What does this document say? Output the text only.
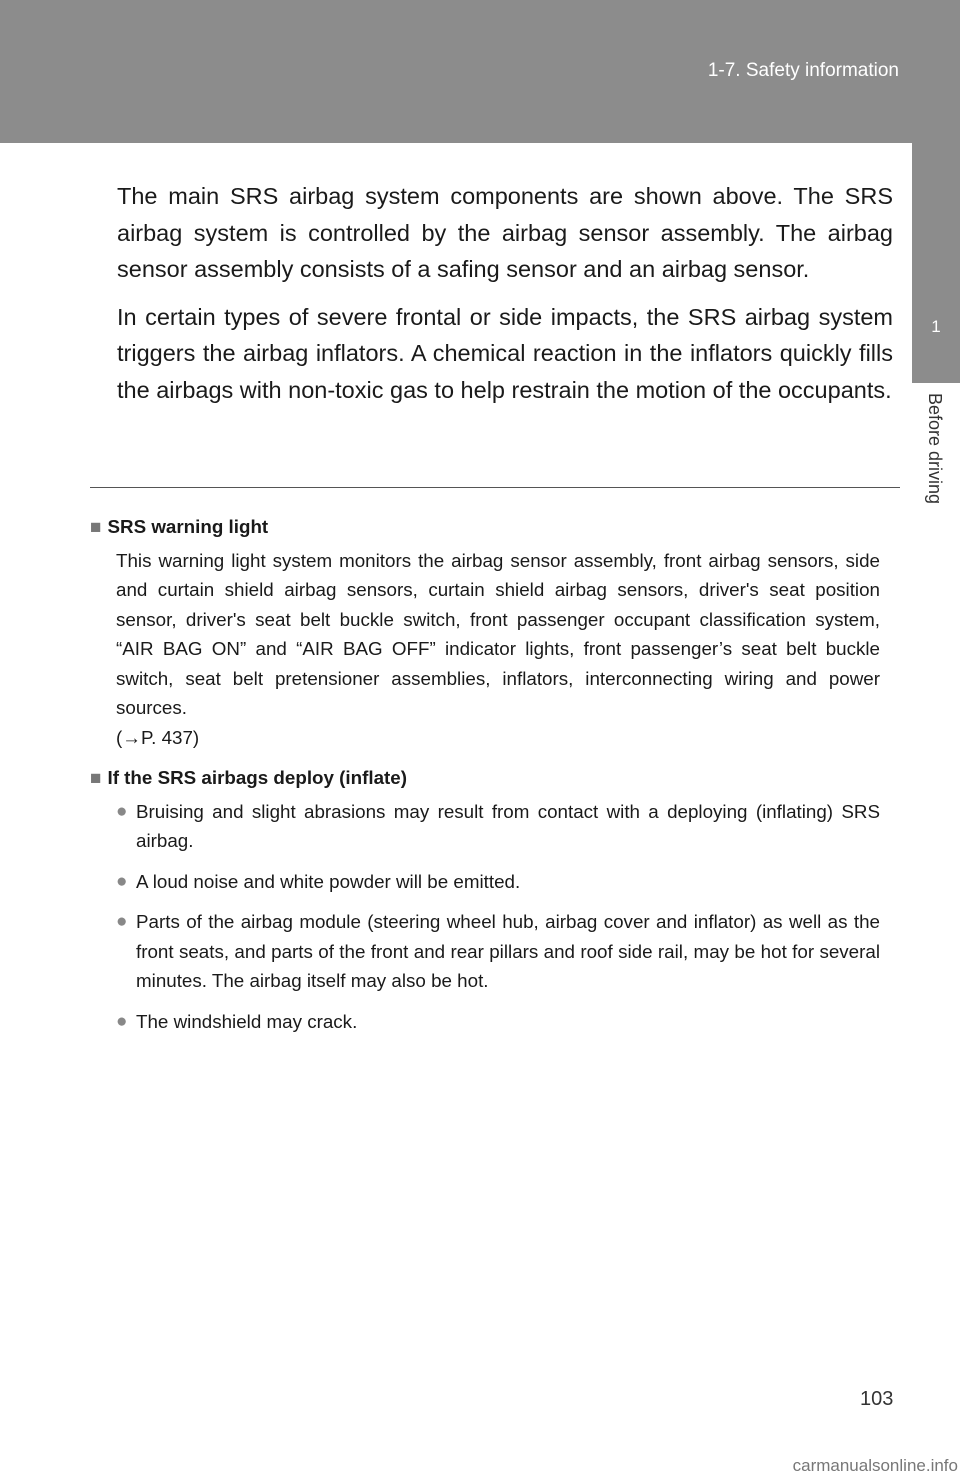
1-7. Safety information
1
Before driving

The main SRS airbag system components are shown above. The SRS airbag system is controlled by the airbag sensor assembly. The airbag sensor assembly consists of a safing sensor and an airbag sensor.

In certain types of severe frontal or side impacts, the SRS airbag system triggers the airbag inflators. A chemical reaction in the inflators quickly fills the airbags with non-toxic gas to help restrain the motion of the occupants.

■ SRS warning light
This warning light system monitors the airbag sensor assembly, front airbag sensors, side and curtain shield airbag sensors, curtain shield airbag sensors, driver's seat position sensor, driver's seat belt buckle switch, front passenger occupant classification system, “AIR BAG ON” and “AIR BAG OFF” indicator lights, front passenger’s seat belt buckle switch, seat belt pretensioner assemblies, inflators, interconnecting wiring and power sources.
(→P. 437)
■ If the SRS airbags deploy (inflate)
● Bruising and slight abrasions may result from contact with a deploying (inflating) SRS airbag.
● A loud noise and white powder will be emitted.
● Parts of the airbag module (steering wheel hub, airbag cover and inflator) as well as the front seats, and parts of the front and rear pillars and roof side rail, may be hot for several minutes. The airbag itself may also be hot.
● The windshield may crack.
103
carmanualsonline.info
